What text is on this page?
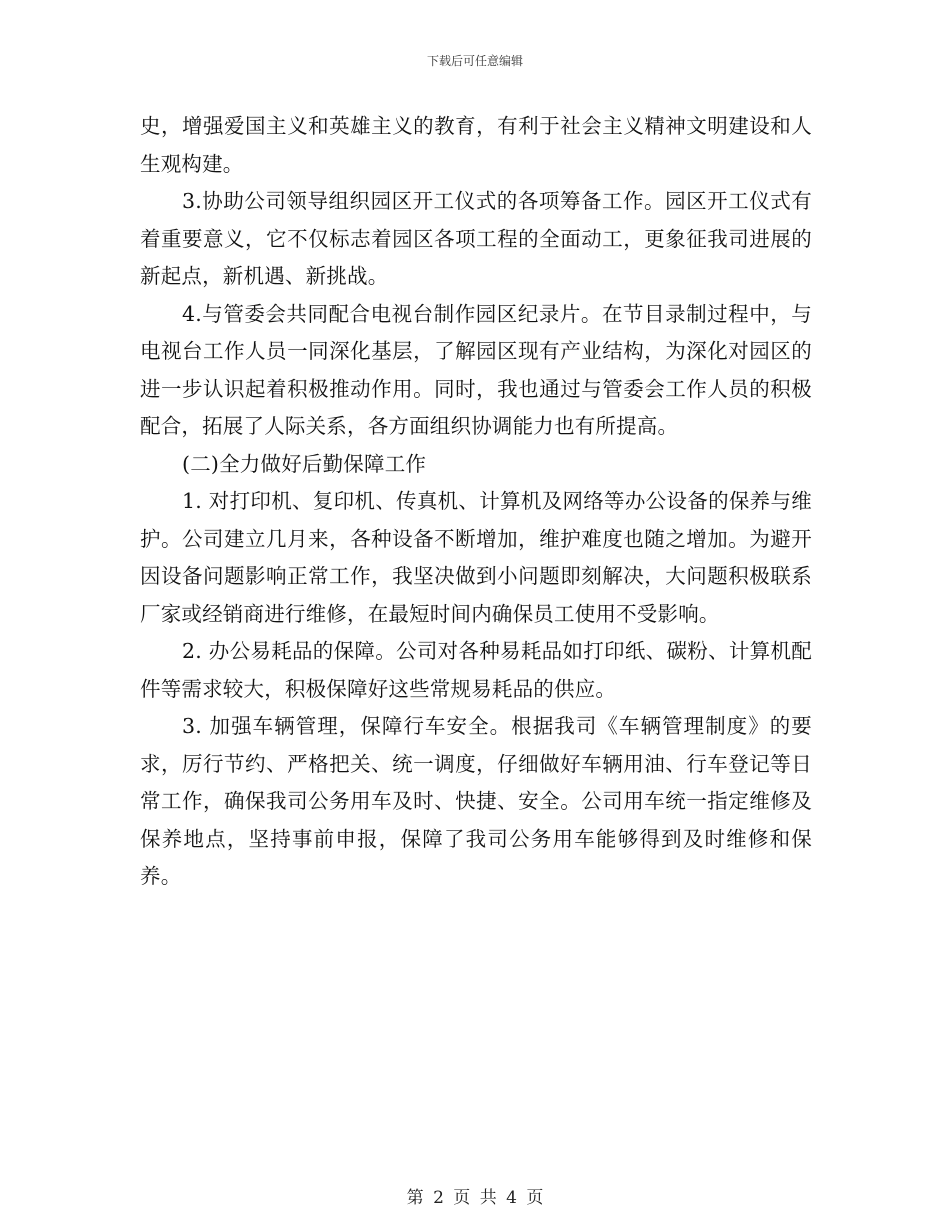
下载后可任意编辑

史，增强爱国主义和英雄主义的教育，有利于社会主义精神文明建设和人生观构建。

3.协助公司领导组织园区开工仪式的各项筹备工作。园区开工仪式有着重要意义，它不仅标志着园区各项工程的全面动工，更象征我司进展的新起点，新机遇、新挑战。

4.与管委会共同配合电视台制作园区纪录片。在节目录制过程中，与电视台工作人员一同深化基层，了解园区现有产业结构，为深化对园区的进一步认识起着积极推动作用。同时，我也通过与管委会工作人员的积极配合，拓展了人际关系，各方面组织协调能力也有所提高。

(二)全力做好后勤保障工作

1. 对打印机、复印机、传真机、计算机及网络等办公设备的保养与维护。公司建立几月来，各种设备不断增加，维护难度也随之增加。为避开因设备问题影响正常工作，我坚决做到小问题即刻解决，大问题积极联系厂家或经销商进行维修，在最短时间内确保员工使用不受影响。

2. 办公易耗品的保障。公司对各种易耗品如打印纸、碳粉、计算机配件等需求较大，积极保障好这些常规易耗品的供应。

3. 加强车辆管理，保障行车安全。根据我司《车辆管理制度》的要求，厉行节约、严格把关、统一调度，仔细做好车辆用油、行车登记等日常工作，确保我司公务用车及时、快捷、安全。公司用车统一指定维修及保养地点，坚持事前申报，保障了我司公务用车能够得到及时维修和保养。

第 2 页 共 4 页
